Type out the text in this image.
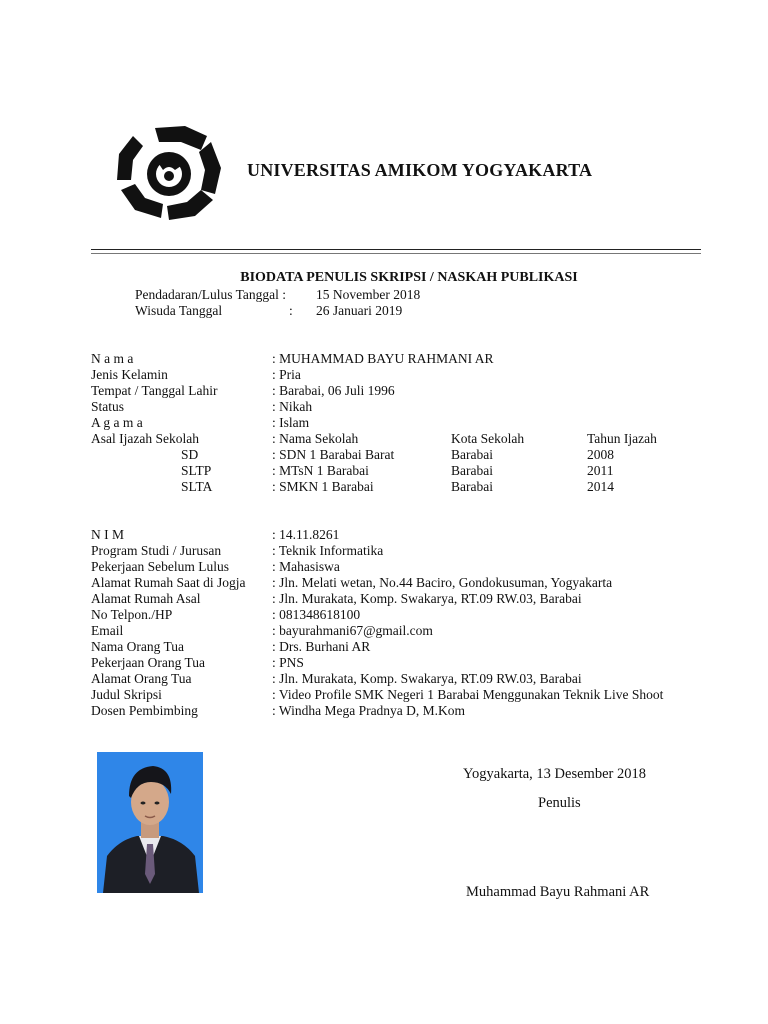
UNIVERSITAS AMIKOM YOGYAKARTA
BIODATA PENULIS SKRIPSI / NASKAH PUBLIKASI
Pendadaran/Lulus Tanggal : 15 November 2018
Wisuda Tanggal	: 26 Januari 2019
N a m a	: MUHAMMAD BAYU RAHMANI AR
Jenis Kelamin	: Pria
Tempat / Tanggal Lahir	: Barabai, 06 Juli 1996
Status	: Nikah
A g a m a	: Islam
Asal Ijazah Sekolah	: Nama Sekolah	Kota Sekolah	Tahun Ijazah
SD	: SDN 1 Barabai Barat	Barabai	2008
SLTP	: MTsN 1 Barabai	Barabai	2011
SLTA	: SMKN 1 Barabai	Barabai	2014
N I M	: 14.11.8261
Program Studi / Jurusan	: Teknik Informatika
Pekerjaan Sebelum Lulus	: Mahasiswa
Alamat Rumah Saat di Jogja : Jln. Melati wetan, No.44 Baciro, Gondokusuman, Yogyakarta
Alamat Rumah Asal	: Jln. Murakata, Komp. Swakarya, RT.09 RW.03, Barabai
No Telpon./HP	: 081348618100
Email	: bayurahmani67@gmail.com
Nama Orang Tua	: Drs. Burhani AR
Pekerjaan Orang Tua	: PNS
Alamat Orang Tua	: Jln. Murakata, Komp. Swakarya, RT.09 RW.03, Barabai
Judul Skripsi	: Video Profile SMK Negeri 1 Barabai Menggunakan Teknik Live Shoot
Dosen Pembimbing	: Windha Mega Pradnya D, M.Kom
Yogyakarta, 13 Desember 2018
Penulis
Muhammad Bayu Rahmani AR
